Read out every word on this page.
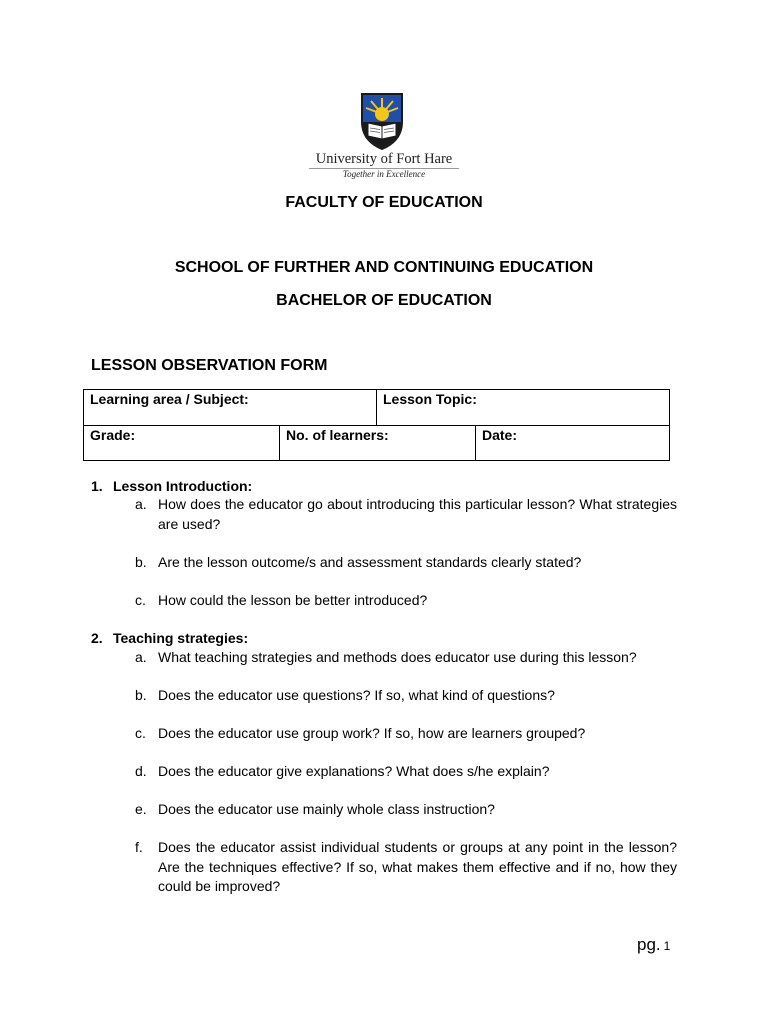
University of Fort Hare
Together in Excellence
FACULTY OF EDUCATION
SCHOOL OF FURTHER AND CONTINUING EDUCATION
BACHELOR OF EDUCATION
LESSON OBSERVATION FORM
Learning area / Subject:	Lesson Topic:
Grade:	No. of learners:	Date:
1. Lesson Introduction:
a. How does the educator go about introducing this particular lesson? What strategies are used?
b. Are the lesson outcome/s and assessment standards clearly stated?
c. How could the lesson be better introduced?
2. Teaching strategies:
a. What teaching strategies and methods does educator use during this lesson?
b. Does the educator use questions? If so, what kind of questions?
c. Does the educator use group work? If so, how are learners grouped?
d. Does the educator give explanations? What does s/he explain?
e. Does the educator use mainly whole class instruction?
f. Does the educator assist individual students or groups at any point in the lesson? Are the techniques effective? If so, what makes them effective and if no, how they could be improved?
pg. 1
